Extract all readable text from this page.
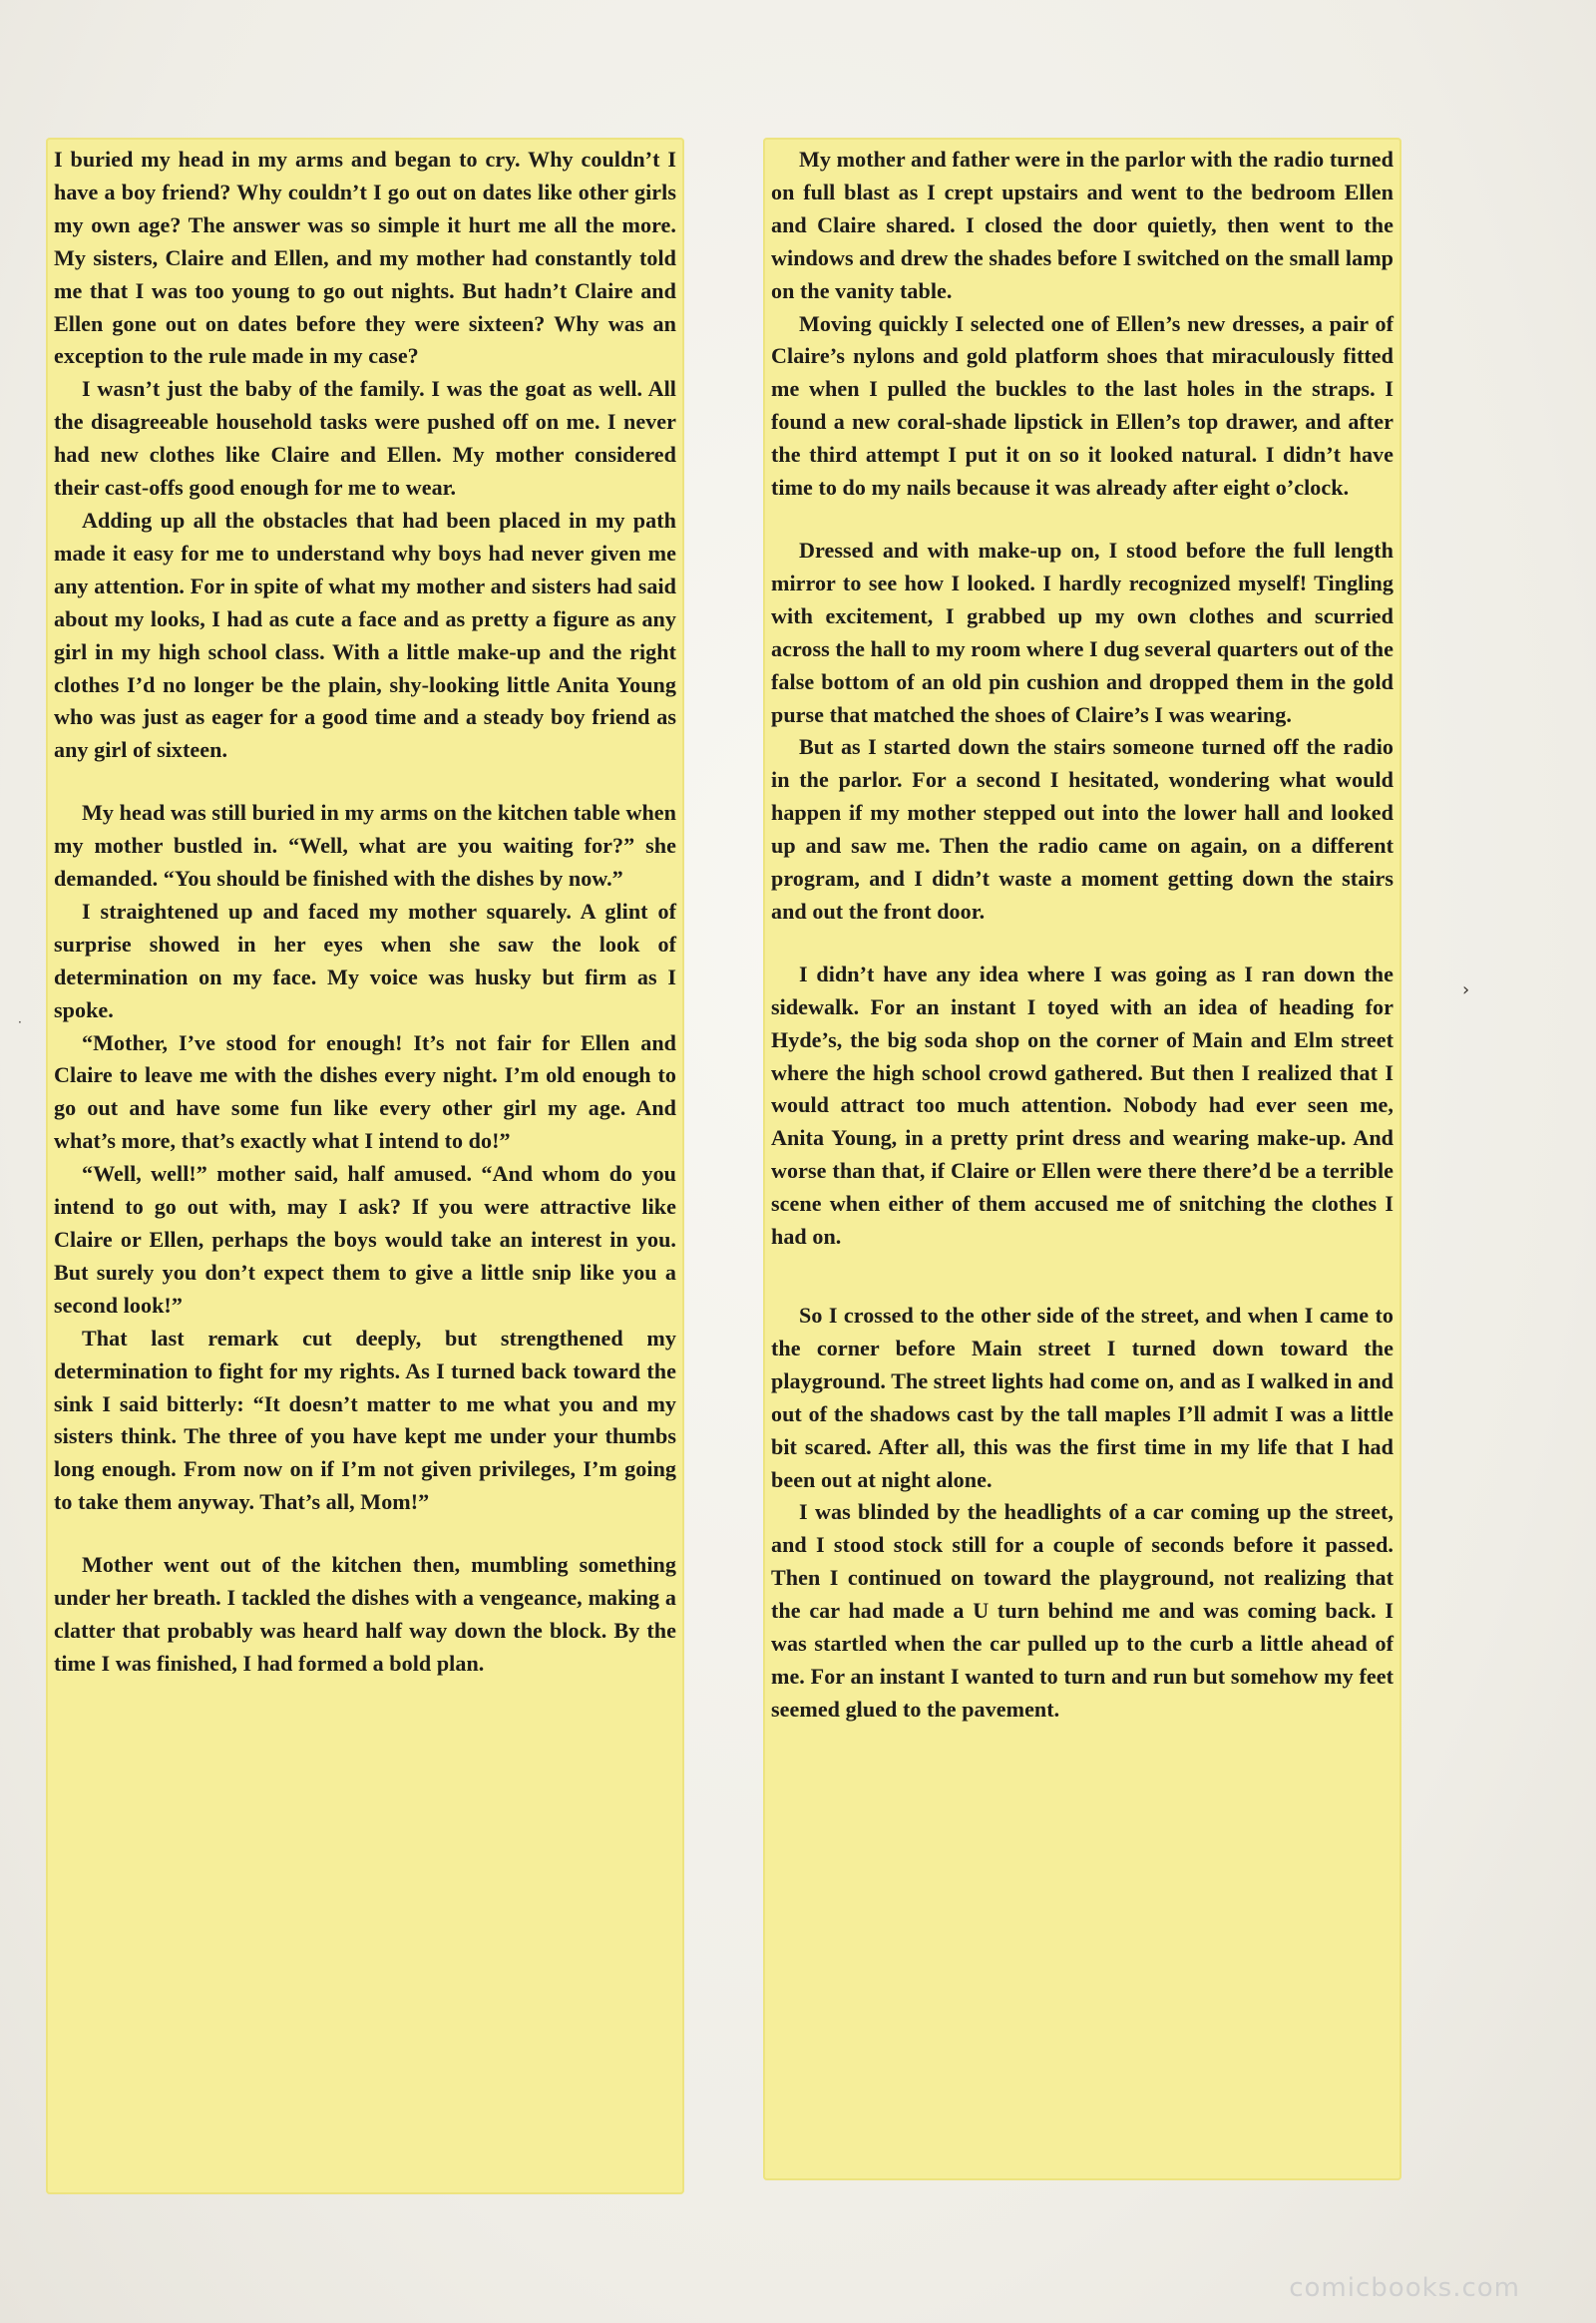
I buried my head in my arms and began to cry. Why couldn’t I have a boy friend? Why couldn’t I go out on dates like other girls my own age? The answer was so simple it hurt me all the more. My sisters, Claire and Ellen, and my mother had constantly told me that I was too young to go out nights. But hadn’t Claire and Ellen gone out on dates before they were sixteen? Why was an exception to the rule made in my case?

I wasn’t just the baby of the family. I was the goat as well. All the disagreeable household tasks were pushed off on me. I never had new clothes like Claire and Ellen. My mother considered their cast-offs good enough for me to wear.

Adding up all the obstacles that had been placed in my path made it easy for me to understand why boys had never given me any attention. For in spite of what my mother and sisters had said about my looks, I had as cute a face and as pretty a figure as any girl in my high school class. With a little make-up and the right clothes I’d no longer be the plain, shy-looking little Anita Young who was just as eager for a good time and a steady boy friend as any girl of sixteen.

My head was still buried in my arms on the kitchen table when my mother bustled in. “Well, what are you waiting for?” she demanded. “You should be finished with the dishes by now.”

I straightened up and faced my mother squarely. A glint of surprise showed in her eyes when she saw the look of determination on my face. My voice was husky but firm as I spoke.

“Mother, I’ve stood for enough! It’s not fair for Ellen and Claire to leave me with the dishes every night. I’m old enough to go out and have some fun like every other girl my age. And what’s more, that’s exactly what I intend to do!”

“Well, well!” mother said, half amused. “And whom do you intend to go out with, may I ask? If you were attractive like Claire or Ellen, perhaps the boys would take an interest in you. But surely you don’t expect them to give a little snip like you a second look!”

That last remark cut deeply, but strengthened my determination to fight for my rights. As I turned back toward the sink I said bitterly: “It doesn’t matter to me what you and my sisters think. The three of you have kept me under your thumbs long enough. From now on if I’m not given privileges, I’m going to take them anyway. That’s all, Mom!”

Mother went out of the kitchen then, mumbling something under her breath. I tackled the dishes with a vengeance, making a clatter that probably was heard half way down the block. By the time I was finished, I had formed a bold plan.

My mother and father were in the parlor with the radio turned on full blast as I crept upstairs and went to the bedroom Ellen and Claire shared. I closed the door quietly, then went to the windows and drew the shades before I switched on the small lamp on the vanity table.

Moving quickly I selected one of Ellen’s new dresses, a pair of Claire’s nylons and gold platform shoes that miraculously fitted me when I pulled the buckles to the last holes in the straps. I found a new coral-shade lipstick in Ellen’s top drawer, and after the third attempt I put it on so it looked natural. I didn’t have time to do my nails because it was already after eight o’clock.

Dressed and with make-up on, I stood before the full length mirror to see how I looked. I hardly recognized myself! Tingling with excitement, I grabbed up my own clothes and scurried across the hall to my room where I dug several quarters out of the false bottom of an old pin cushion and dropped them in the gold purse that matched the shoes of Claire’s I was wearing.

But as I started down the stairs someone turned off the radio in the parlor. For a second I hesitated, wondering what would happen if my mother stepped out into the lower hall and looked up and saw me. Then the radio came on again, on a different program, and I didn’t waste a moment getting down the stairs and out the front door.

I didn’t have any idea where I was going as I ran down the sidewalk. For an instant I toyed with an idea of heading for Hyde’s, the big soda shop on the corner of Main and Elm street where the high school crowd gathered. But then I realized that I would attract too much attention. Nobody had ever seen me, Anita Young, in a pretty print dress and wearing make-up. And worse than that, if Claire or Ellen were there there’d be a terrible scene when either of them accused me of snitching the clothes I had on.

So I crossed to the other side of the street, and when I came to the corner before Main street I turned down toward the playground. The street lights had come on, and as I walked in and out of the shadows cast by the tall maples I’ll admit I was a little bit scared. After all, this was the first time in my life that I had been out at night alone.

I was blinded by the headlights of a car coming up the street, and I stood stock still for a couple of seconds before it passed. Then I continued on toward the playground, not realizing that the car had made a U turn behind me and was coming back. I was startled when the car pulled up to the curb a little ahead of me. For an instant I wanted to turn and run but somehow my feet seemed glued to the pavement.

›
·
comicbooks.com
